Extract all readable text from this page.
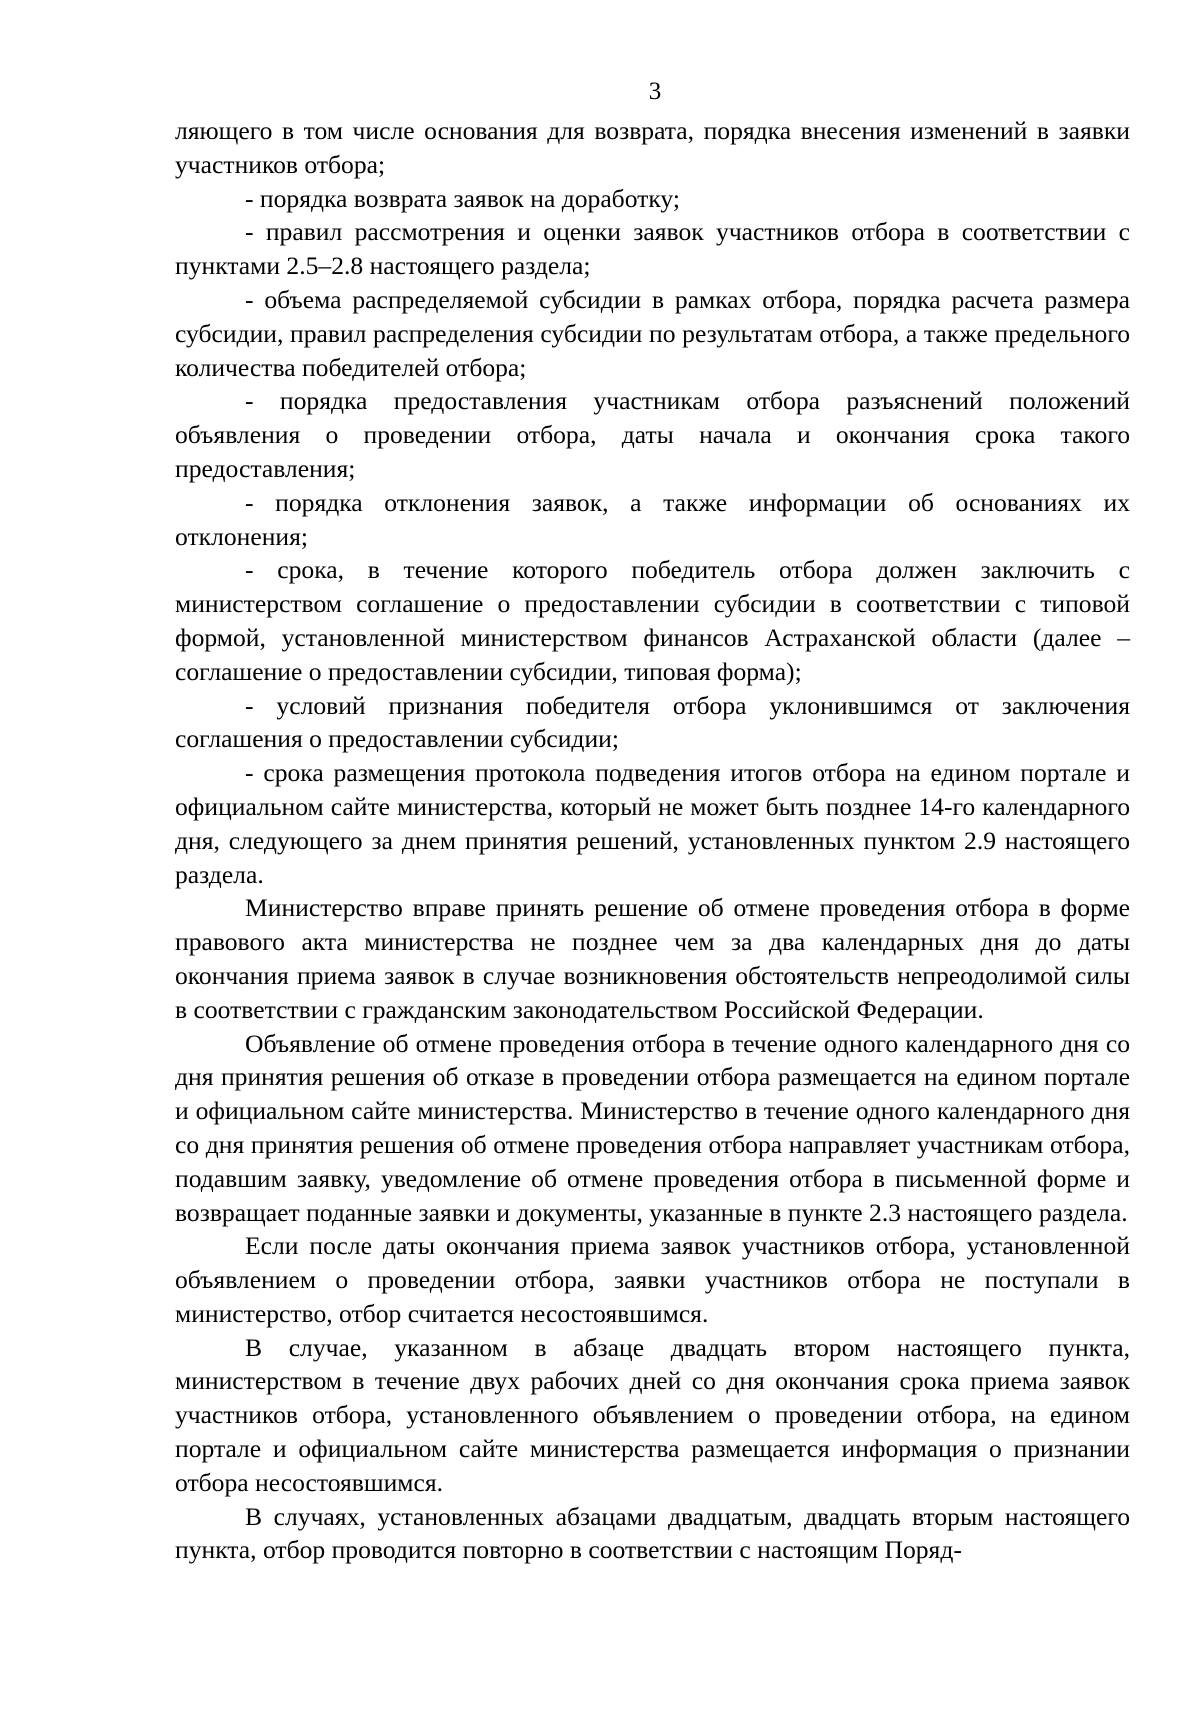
3

ляющего в том числе основания для возврата, порядка внесения изменений в заявки участников отбора;

- порядка возврата заявок на доработку;

- правил рассмотрения и оценки заявок участников отбора в соответствии с пунктами 2.5–2.8 настоящего раздела;

- объема распределяемой субсидии в рамках отбора, порядка расчета размера субсидии, правил распределения субсидии по результатам отбора, а также предельного количества победителей отбора;

- порядка предоставления участникам отбора разъяснений положений объявления о проведении отбора, даты начала и окончания срока такого предоставления;

- порядка отклонения заявок, а также информации об основаниях их отклонения;

- срока, в течение которого победитель отбора должен заключить с министерством соглашение о предоставлении субсидии в соответствии с типовой формой, установленной министерством финансов Астраханской области (далее – соглашение о предоставлении субсидии, типовая форма);

- условий признания победителя отбора уклонившимся от заключения соглашения о предоставлении субсидии;

- срока размещения протокола подведения итогов отбора на едином портале и официальном сайте министерства, который не может быть позднее 14-го календарного дня, следующего за днем принятия решений, установленных пунктом 2.9 настоящего раздела.

Министерство вправе принять решение об отмене проведения отбора в форме правового акта министерства не позднее чем за два календарных дня до даты окончания приема заявок в случае возникновения обстоятельств непреодолимой силы в соответствии с гражданским законодательством Российской Федерации.

Объявление об отмене проведения отбора в течение одного календарного дня со дня принятия решения об отказе в проведении отбора размещается на едином портале и официальном сайте министерства. Министерство в течение одного календарного дня со дня принятия решения об отмене проведения отбора направляет участникам отбора, подавшим заявку, уведомление об отмене проведения отбора в письменной форме и возвращает поданные заявки и документы, указанные в пункте 2.3 настоящего раздела.

Если после даты окончания приема заявок участников отбора, установленной объявлением о проведении отбора, заявки участников отбора не поступали в министерство, отбор считается несостоявшимся.

В случае, указанном в абзаце двадцать втором настоящего пункта, министерством в течение двух рабочих дней со дня окончания срока приема заявок участников отбора, установленного объявлением о проведении отбора, на едином портале и официальном сайте министерства размещается информация о признании отбора несостоявшимся.

В случаях, установленных абзацами двадцатым, двадцать вторым настоящего пункта, отбор проводится повторно в соответствии с настоящим Поряд-
